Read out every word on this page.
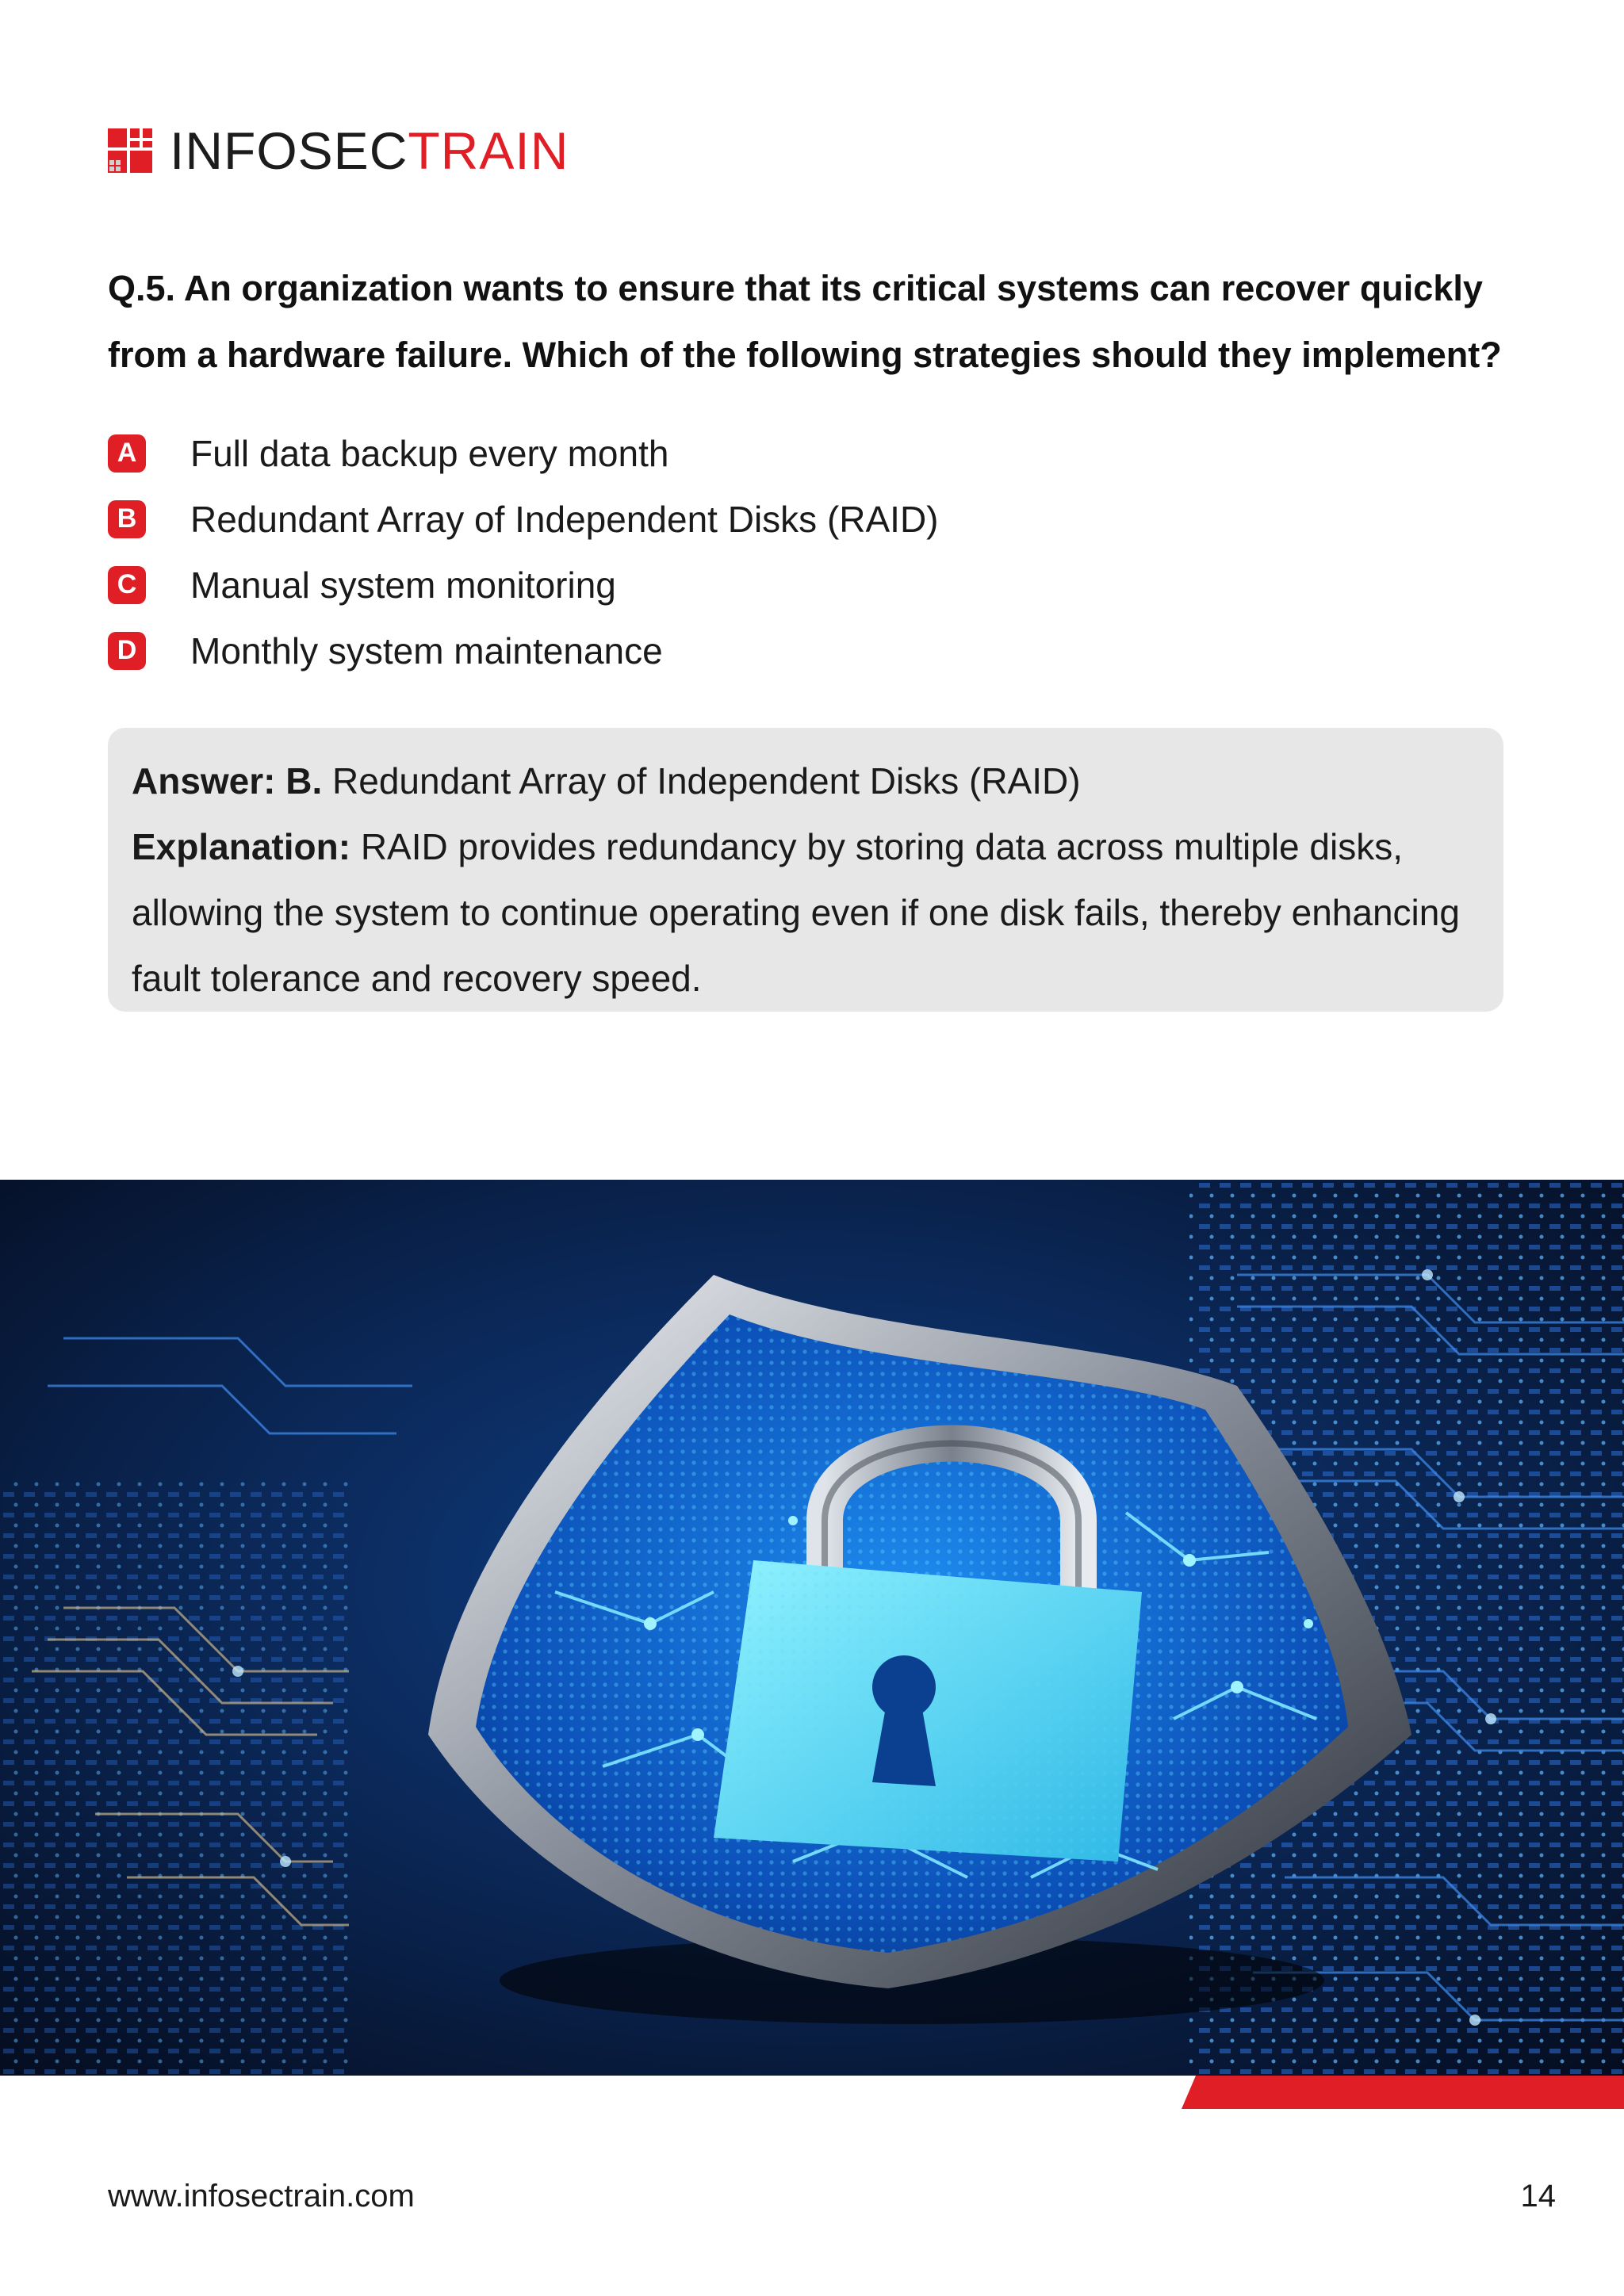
INFOSECTRAIN
Q.5. An organization wants to ensure that its critical systems can recover quickly from a hardware failure. Which of the following strategies should they implement?
A Full data backup every month
B Redundant Array of Independent Disks (RAID)
C Manual system monitoring
D Monthly system maintenance
Answer: B. Redundant Array of Independent Disks (RAID)
Explanation: RAID provides redundancy by storing data across multiple disks, allowing the system to continue operating even if one disk fails, thereby enhancing fault tolerance and recovery speed.
www.infosectrain.com	14
